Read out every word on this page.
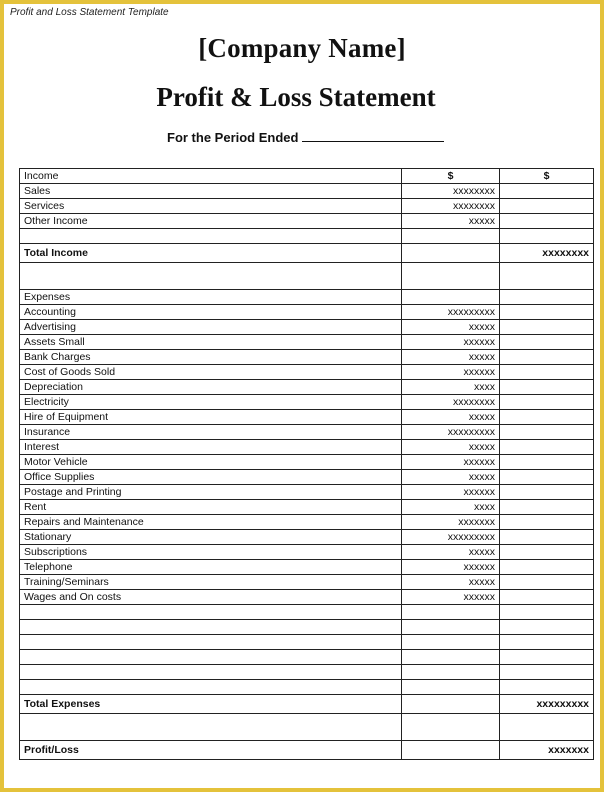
Profit and Loss Statement Template
[Company Name]
Profit & Loss Statement
For the Period Ended
Income	$	$
Sales	xxxxxxxx	
Services	xxxxxxxx	
Other Income	xxxxx	

Total Income		xxxxxxxx

Expenses		
Accounting	xxxxxxxxx	
Advertising	xxxxx	
Assets Small	xxxxxx	
Bank Charges	xxxxx	
Cost of Goods Sold	xxxxxx	
Depreciation	xxxx	
Electricity	xxxxxxxx	
Hire of Equipment	xxxxx	
Insurance	xxxxxxxxx	
Interest	xxxxx	
Motor Vehicle	xxxxxx	
Office Supplies	xxxxx	
Postage and Printing	xxxxxx	
Rent	xxxx	
Repairs and Maintenance	xxxxxxx	
Stationary	xxxxxxxxx	
Subscriptions	xxxxx	
Telephone	xxxxxx	
Training/Seminars	xxxxx	
Wages and On costs	xxxxxx	

Total Expenses		xxxxxxxxx

Profit/Loss		xxxxxxx
